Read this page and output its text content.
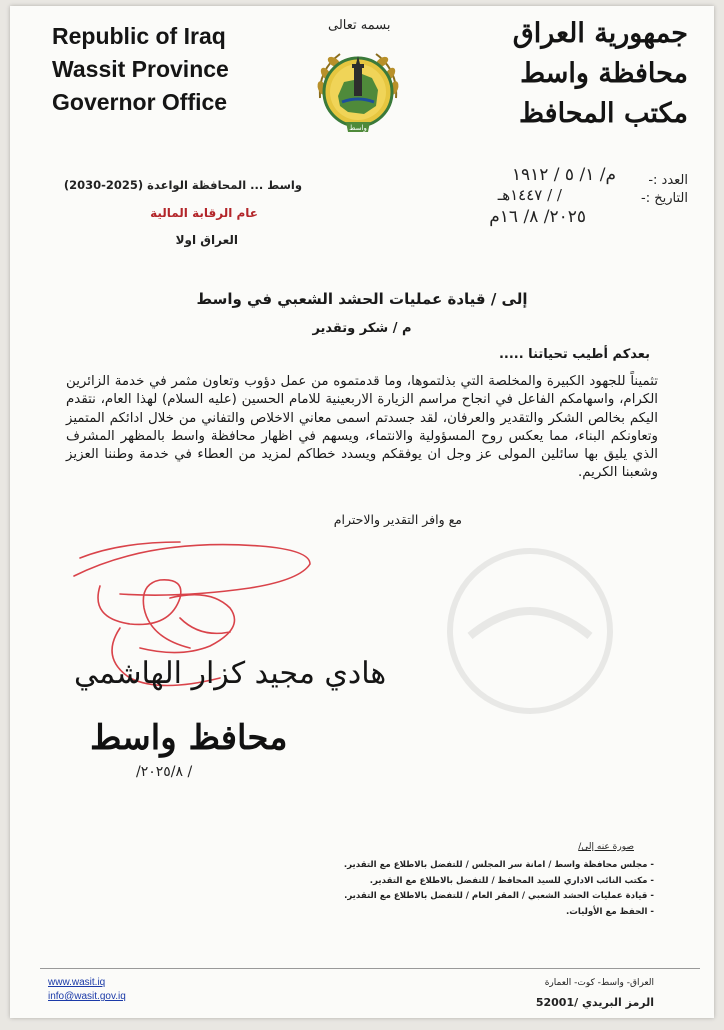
Republic of Iraq
Wassit Province
Governor Office
جمهورية العراق
محافظة واسط
مكتب المحافظ
بسمه تعالى
واسط
العدد :-
م/ ١/ ٥ / ١٩١٢
التاريخ :-
/ / ١٤٤٧هـ
٢٠٢٥/ ٨/ ١٦م
واسط ... المحافظة الواعدة (2025-2030)
عام الرقابة المالية
العراق اولا
إلى / قيادة عمليات الحشد الشعبي في واسط
م / شكر وتقدير
بعدكم أطيب تحياتنا .....
تثميناً للجهود الكبيرة والمخلصة التي بذلتموها، وما قدمتموه من عمل دؤوب وتعاون مثمر في خدمة الزائرين الكرام، واسهامكم الفاعل في انجاح مراسم الزيارة الاربعينية للامام الحسين (عليه السلام) لهذا العام، نتقدم اليكم بخالص الشكر والتقدير والعرفان، لقد جسدتم اسمى معاني الاخلاص والتفاني من خلال ادائكم المتميز وتعاونكم البناء، مما يعكس روح المسؤولية والانتماء، ويسهم في اظهار محافظة واسط بالمظهر المشرف الذي يليق بها سائلين المولى عز وجل ان يوفقكم ويسدد خطاكم لمزيد من العطاء في خدمة وطننا العزيز وشعبنا الكريم.
مع وافر التقدير والاحترام
هادي مجيد كزار الهاشمي
محافظ واسط
/ ٢٠٢٥/٨/
صورة عنه إلى/
- مجلس محافظة واسط / امانة سر المجلس / للتفضل بالاطلاع مع التقدير.
- مكتب النائب الاداري للسيد المحافظ / للتفضل بالاطلاع مع التقدير.
- قيادة عمليات الحشد الشعبي / المقر العام / للتفضل بالاطلاع مع التقدير.
- الحفظ مع الأوليات.
www.wasit.iq
info@wasit.gov.iq
العراق- واسط- كوت- العمارة
الرمز البريدي /52001
